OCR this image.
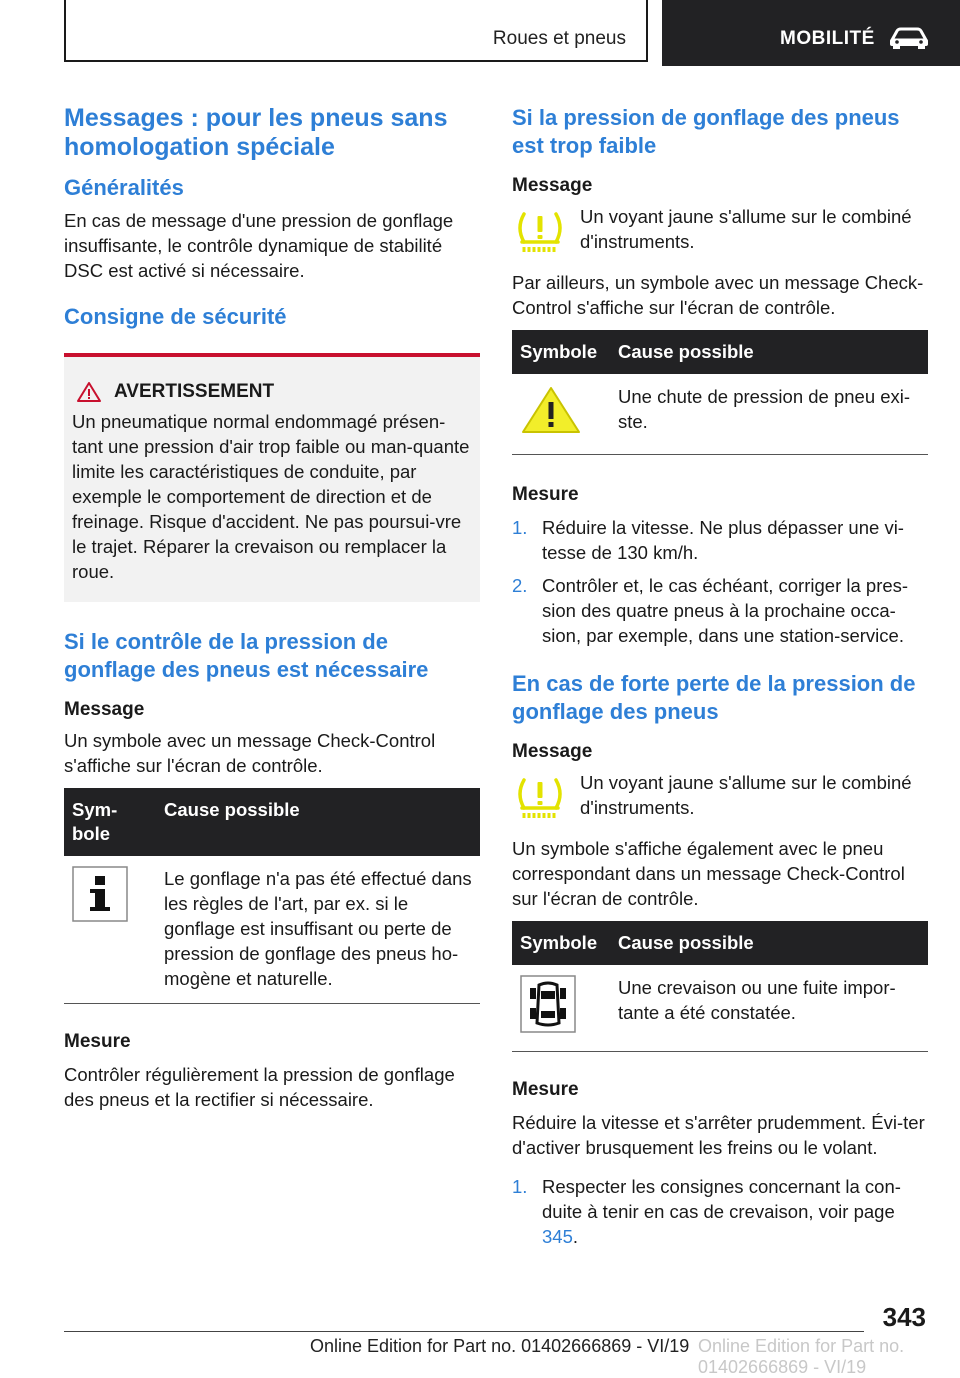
Roues et pneus	MOBILITÉ
Messages : pour les pneus sans homologation spéciale
Généralités

En cas de message d'une pression de gonflage insuffisante, le contrôle dynamique de stabilité DSC est activé si nécessaire.

Consigne de sécurité
AVERTISSEMENT

Un pneumatique normal endommagé présen-tant une pression d'air trop faible ou man-quante limite les caractéristiques de conduite, par exemple le comportement de direction et de freinage. Risque d'accident. Ne pas poursui-vre le trajet. Réparer la crevaison ou remplacer la roue.

Si le contrôle de la pression de gonflage des pneus est nécessaire
Message

Un symbole avec un message Check-Control s'affiche sur l'écran de contrôle.

Sym-bole	Cause possible
	Le gonflage n'a pas été effectué dans les règles de l'art, par ex. si le gonflage est insuffisant ou perte de pression de gonflage des pneus ho-mogène et naturelle.
Mesure

Contrôler régulièrement la pression de gonflage des pneus et la rectifier si nécessaire.

Si la pression de gonflage des pneus est trop faible
Message

Un voyant jaune s'allume sur le combiné d'instruments.

Par ailleurs, un symbole avec un message Check-Control s'affiche sur l'écran de contrôle.

Symbole	Cause possible
	Une chute de pression de pneu exi-ste.
Mesure
1. Réduire la vitesse. Ne plus dépasser une vi-tesse de 130 km/h.
2. Contrôler et, le cas échéant, corriger la pres-sion des quatre pneus à la prochaine occa-sion, par exemple, dans une station-service.
En cas de forte perte de la pression de gonflage des pneus
Message

Un voyant jaune s'allume sur le combiné d'instruments.

Un symbole s'affiche également avec le pneu correspondant dans un message Check-Control sur l'écran de contrôle.

Symbole	Cause possible
	Une crevaison ou une fuite impor-tante a été constatée.
Mesure

Réduire la vitesse et s'arrêter prudemment. Évi-ter d'activer brusquement les freins ou le volant.

1. Respecter les consignes concernant la con-duite à tenir en cas de crevaison, voir page 345.
343
Online Edition for Part no. 01402666869 - VI/19 Online Edition for Part no. 01402666869 - VI/19
